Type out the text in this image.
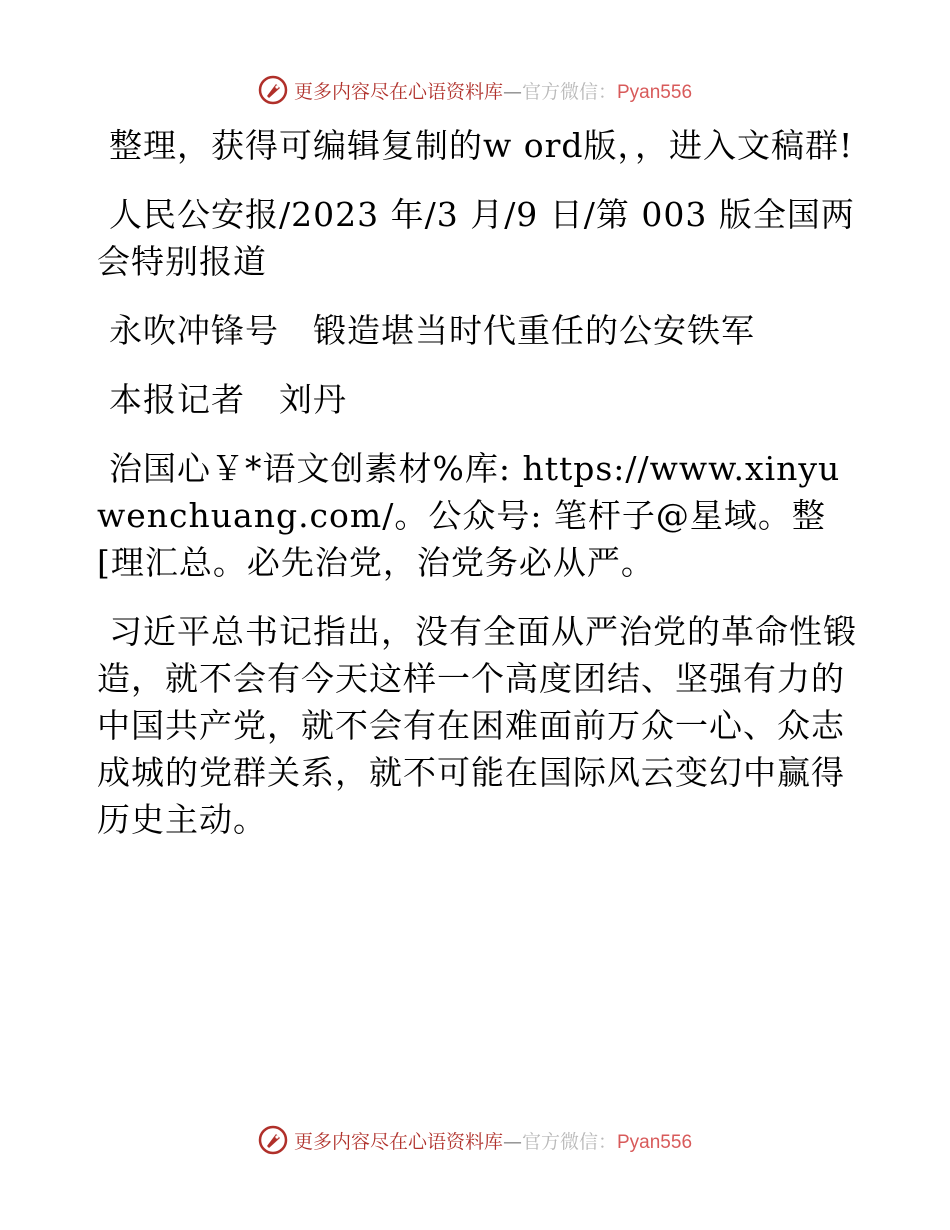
更多内容尽在心语资料库—官方微信：Pyan556

整理，获得可编辑复制的w ord版，，进入文稿群!

人民公安报/2023 年/3 月/9 日/第 003 版全国两会特别报道

永吹冲锋号　锻造堪当时代重任的公安铁军

本报记者　刘丹

治国心￥*语文创素材%库: https://www.xinyuwenchuang.com/。公众号: 笔杆子@星域。整[理汇总。必先治党，治党务必从严。

习近平总书记指出，没有全面从严治党的革命性锻造，就不会有今天这样一个高度团结、坚强有力的中国共产党，就不会有在困难面前万众一心、众志成城的党群关系，就不可能在国际风云变幻中赢得历史主动。

更多内容尽在心语资料库—官方微信：Pyan556
